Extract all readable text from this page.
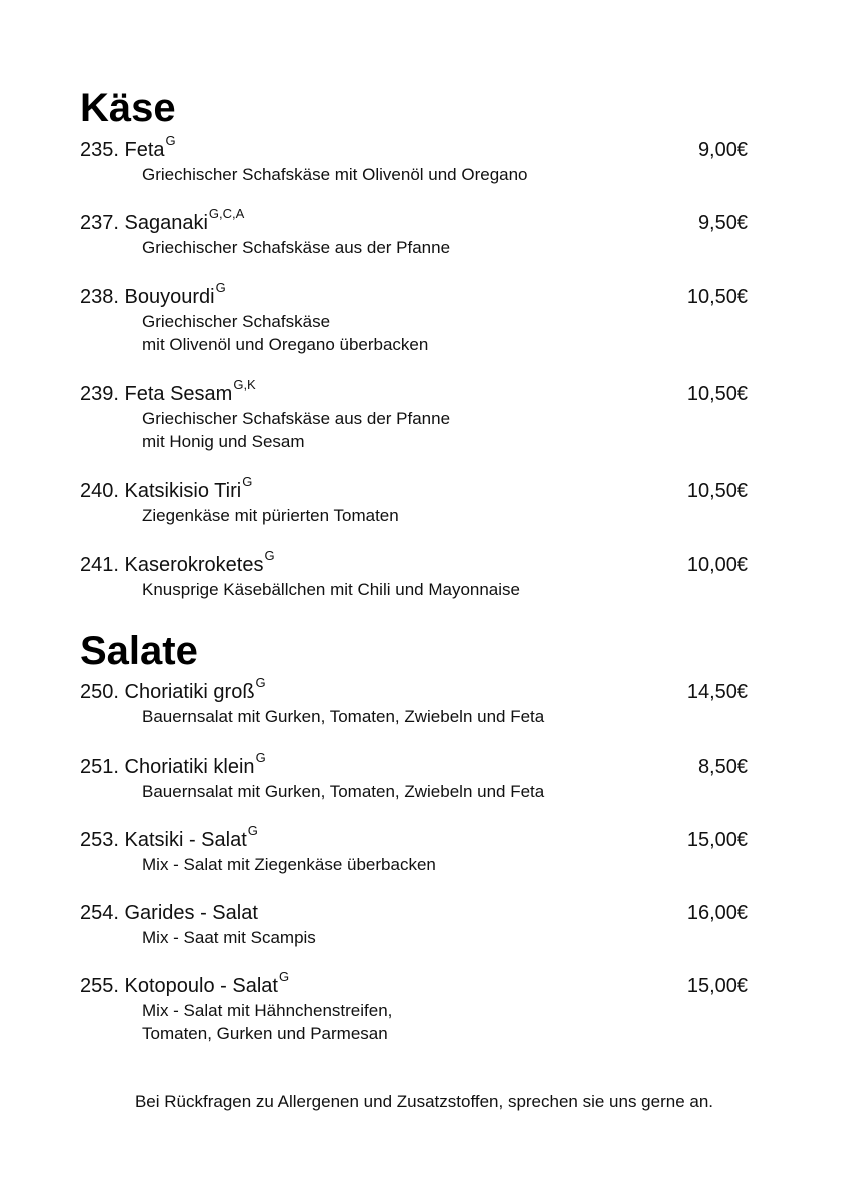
Käse
235. Feta$^G$	9,00€
Griechischer Schafskäse mit Olivenöl und Oregano
237. Saganaki$^{G,C,A}$	9,50€
Griechischer Schafskäse aus der Pfanne
238. Bouyourdi$^G$	10,50€
Griechischer Schafskäse
mit Olivenöl und Oregano überbacken
239. Feta Sesam$^{G,K}$	10,50€
Griechischer Schafskäse aus der Pfanne
mit Honig und Sesam
240. Katsikisio Tiri$^G$	10,50€
Ziegenkäse mit pürierten Tomaten
241. Kaserokroketes$^G$	10,00€
Knusprige Käsebällchen mit Chili und Mayonnaise
Salate
250. Choriatiki groß$^G$	14,50€
Bauernsalat mit Gurken, Tomaten, Zwiebeln und Feta
251. Choriatiki klein$^G$	8,50€
Bauernsalat mit Gurken, Tomaten, Zwiebeln und Feta
253. Katsiki - Salat$^G$	15,00€
Mix - Salat mit Ziegenkäse überbacken
254. Garides - Salat	16,00€
Mix - Saat mit Scampis
255. Kotopoulo - Salat$^G$	15,00€
Mix - Salat mit Hähnchenstreifen,
Tomaten, Gurken und Parmesan
Bei Rückfragen zu Allergenen und Zusatzstoffen, sprechen sie uns gerne an.
